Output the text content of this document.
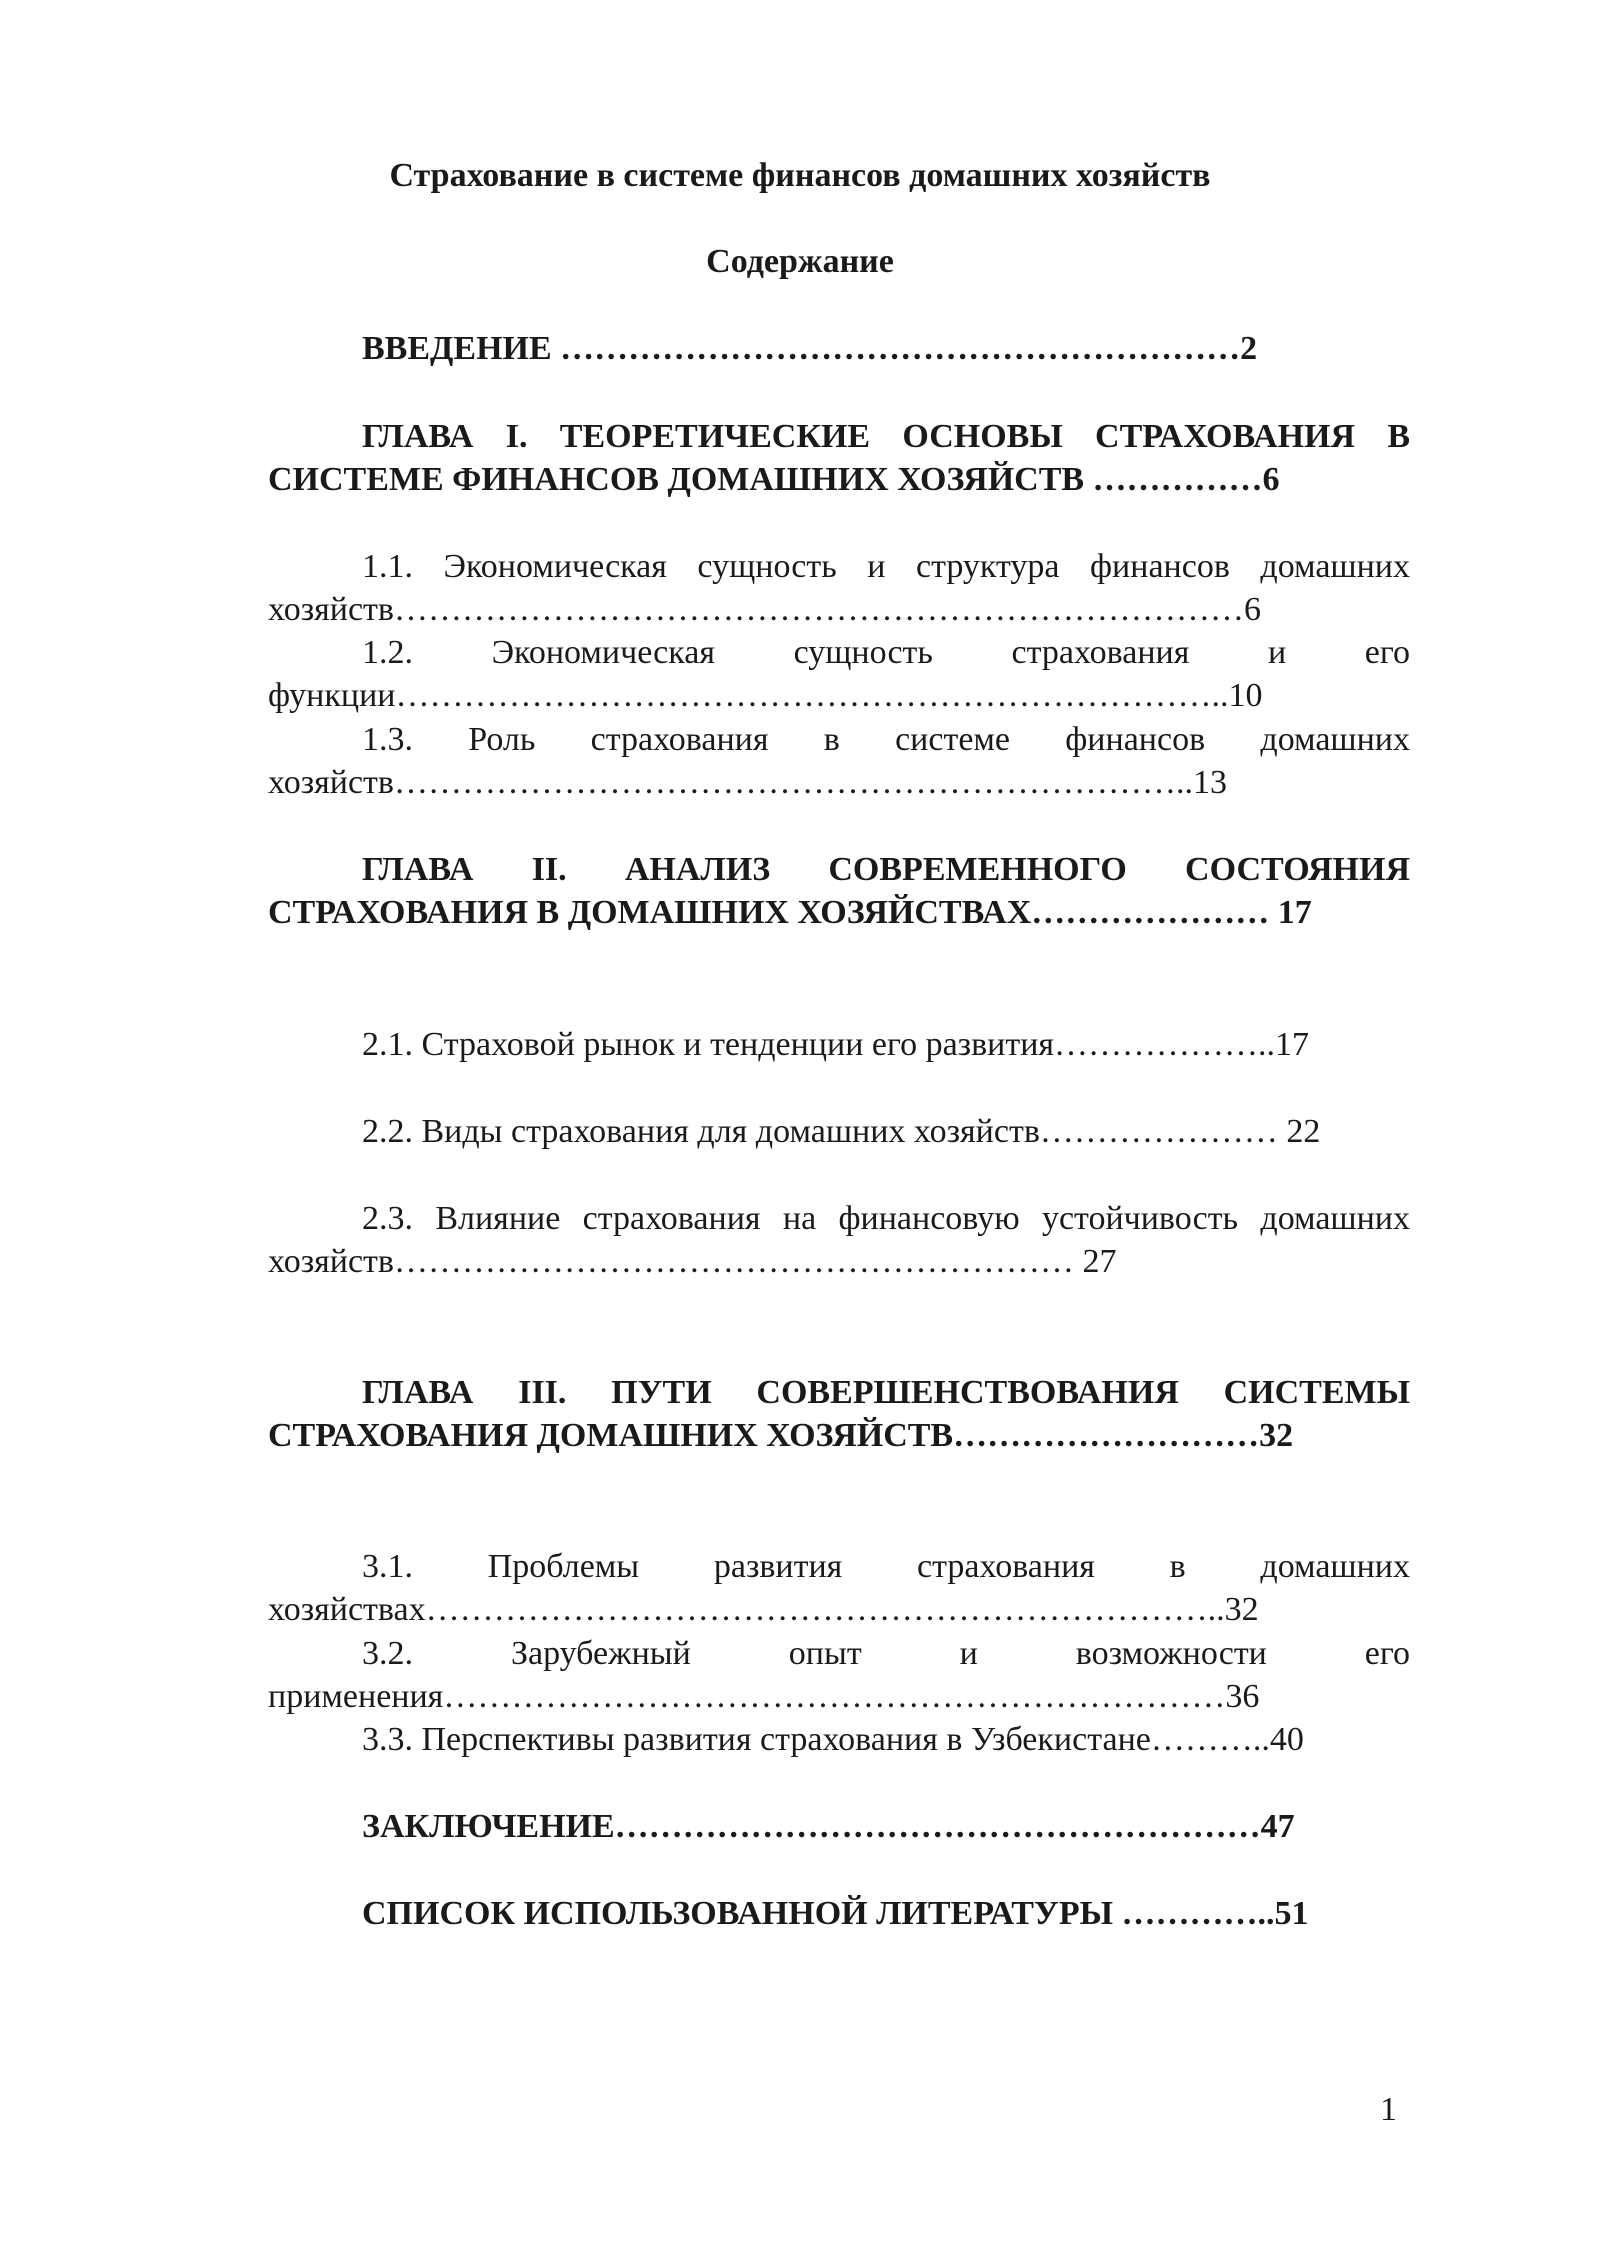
Страхование в системе финансов домашних хозяйств

Содержание

ВВЕДЕНИЕ ……………………………………………………2

ГЛАВА I. ТЕОРЕТИЧЕСКИЕ ОСНОВЫ СТРАХОВАНИЯ В СИСТЕМЕ ФИНАНСОВ ДОМАШНИХ ХОЗЯЙСТВ ……………6

1.1. Экономическая сущность и структура финансов домашних хозяйств…………………………………………………………………6

1.2. Экономическая сущность страхования и его функции………………………………………………………………..10

1.3. Роль страхования в системе финансов домашних хозяйств……………………………………………………………..13

ГЛАВА II. АНАЛИЗ СОВРЕМЕННОГО СОСТОЯНИЯ СТРАХОВАНИЯ В ДОМАШНИХ ХОЗЯЙСТВАХ………………… 17

2.1. Страховой рынок и тенденции его развития………………..17

2.2. Виды страхования для домашних хозяйств………………… 22

2.3. Влияние страхования на финансовую устойчивость домашних хозяйств…………………………………………………… 27

ГЛАВА III. ПУТИ СОВЕРШЕНСТВОВАНИЯ СИСТЕМЫ СТРАХОВАНИЯ ДОМАШНИХ ХОЗЯЙСТВ………………………32

3.1. Проблемы развития страхования в домашних хозяйствах……………………………………………………………..32

3.2. Зарубежный опыт и возможности его применения……………………………………………………………36

3.3. Перспективы развития страхования в Узбекистане………..40

ЗАКЛЮЧЕНИЕ…………………………………………………47

СПИСОК ИСПОЛЬЗОВАННОЙ ЛИТЕРАТУРЫ …………..51

1
